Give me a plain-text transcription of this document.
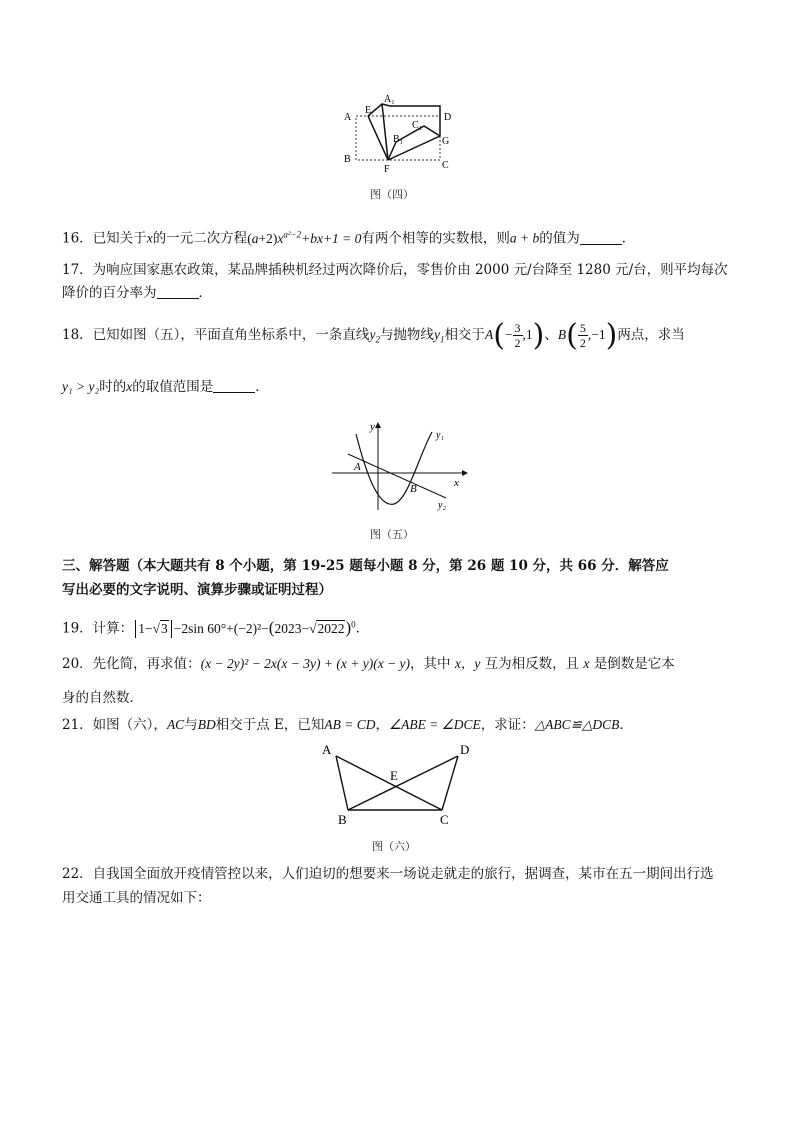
A
A₁
E
D
B₁
C₁
G
B
F	C
图（四）
16．已知关于x的一元二次方程$(a+2)x^{a^2-2}+bx+1 = 0$有两个相等的实数根，则a + b的值为	．
17．为响应国家惠农政策，某品牌插秧机经过两次降价后，零售价由 2000 元/台降至 1280 元/台，则平均每次
降价的百分率为	．
18．已知如图（五），平面直角坐标系中，一条直线$y_2$与抛物线$y_1$相交于$A(- \frac{3}{2} ,1)$、$B( \frac{5}{2} ,-1)$两点，求当
y₁ > y₂时的x的取值范围是	．
y
y₁
A
x
B
y₂
图（五）
三、解答题（本大题共有 8 个小题，第 19-25 题每小题 8 分，第 26 题 10 分，共 66 分．解答应
写出必要的文字说明、演算步骤或证明过程）
19．计算： 1−√3 −2sin $60^\circ+(-2)^2-(2023-√2022)^0$．
20．先化简，再求值：(x − 2y)² − 2x(x − 3y) + (x + y)(x − y)，其中 x，y 互为相反数，且 x 是倒数是它本
身的自然数．
21．如图（六），AC与BD相交于点 E，已知AB = CD，∠ABE = ∠DCE，求证：△ABC≌△DCB．
A	D
E
B	C
图（六）
22．自我国全面放开疫情管控以来，人们迫切的想要来一场说走就走的旅行，据调查，某市在五一期间出行选
用交通工具的情况如下：
